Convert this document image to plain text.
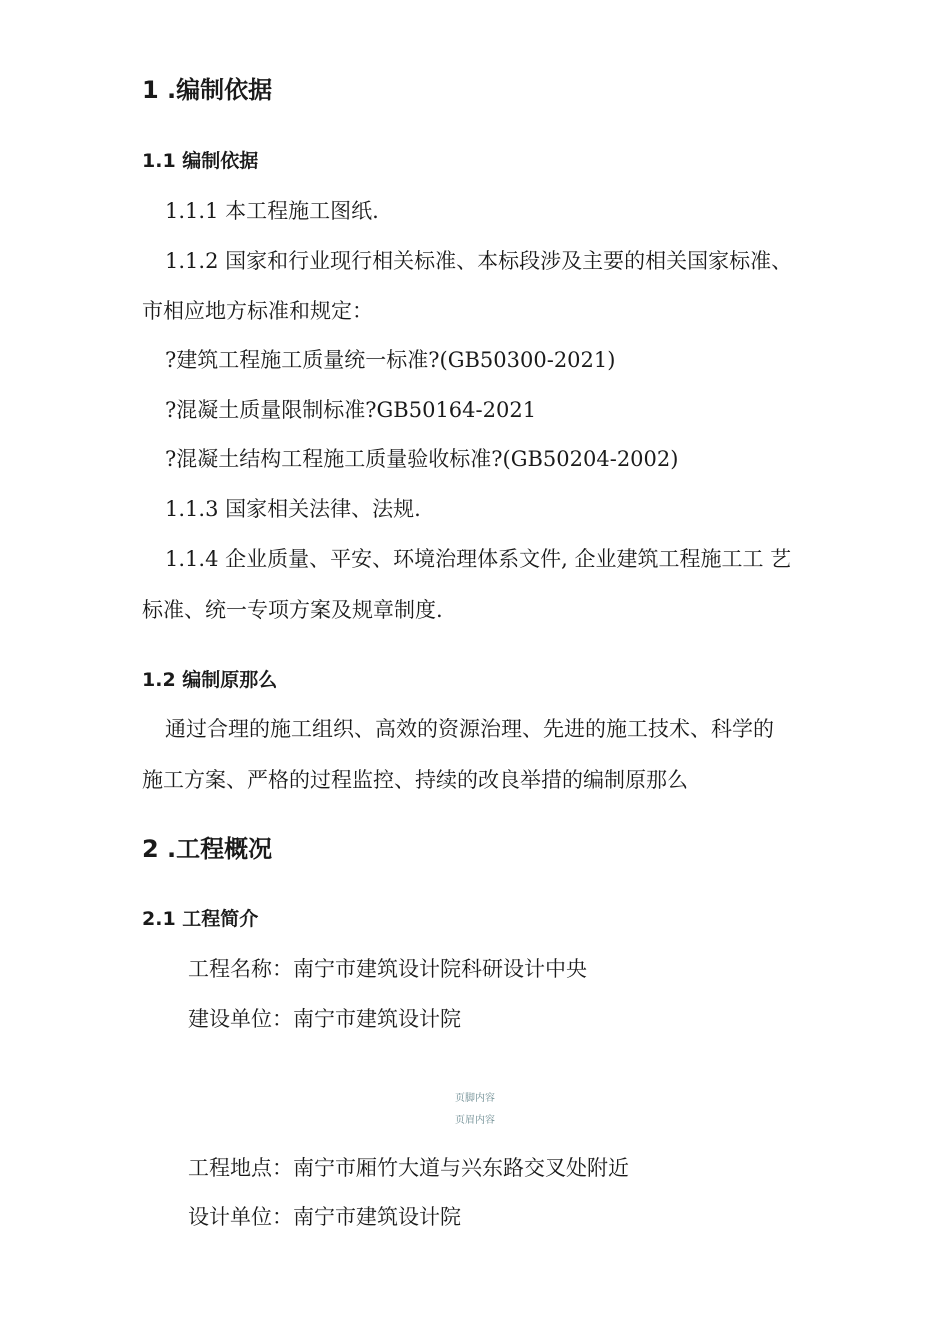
1 .编制依据
1.1 编制依据
1.1.1 本工程施工图纸.
1.1.2 国家和行业现行相关标准、本标段涉及主要的相关国家标准、
市相应地方标准和规定：
?建筑工程施工质量统一标准?(GB50300-2021)
?混凝土质量限制标准?GB50164-2021
?混凝土结构工程施工质量验收标准?(GB50204-2002)
1.1.3 国家相关法律、法规.
1.1.4 企业质量、平安、环境治理体系文件, 企业建筑工程施工工 艺
标准、统一专项方案及规章制度.
1.2 编制原那么
通过合理的施工组织、高效的资源治理、先进的施工技术、科学的
施工方案、严格的过程监控、持续的改良举措的编制原那么
2 .工程概况
2.1 工程简介
工程名称：南宁市建筑设计院科研设计中央
建设单位：南宁市建筑设计院
页脚内容
页眉内容
工程地点：南宁市厢竹大道与兴东路交叉处附近
设计单位：南宁市建筑设计院
